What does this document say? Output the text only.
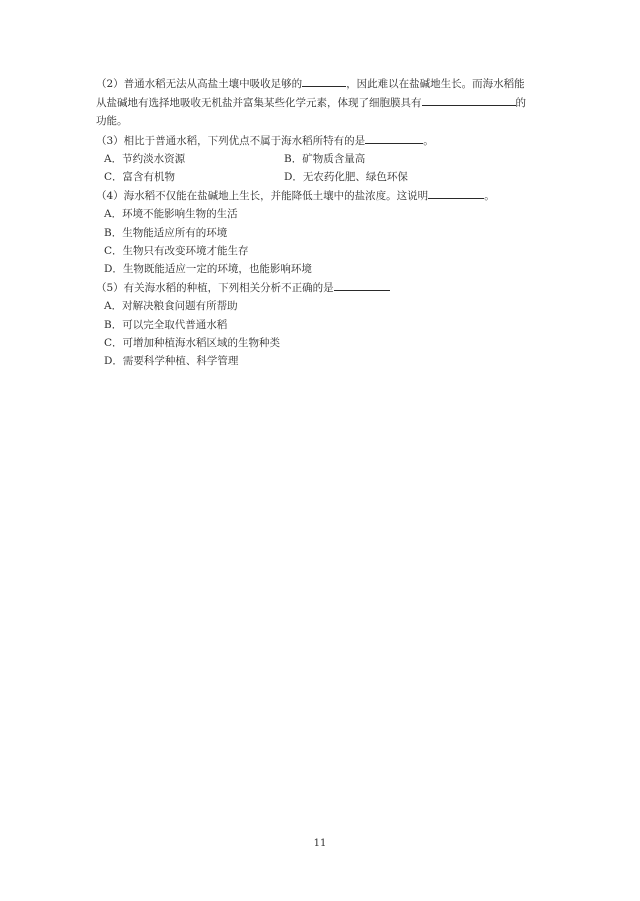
（2）普通水稻无法从高盐土壤中吸收足够的	，因此难以在盐碱地生长。而海水稻能
从盐碱地有选择地吸收无机盐并富集某些化学元素，体现了细胞膜具有	的
功能。
（3）相比于普通水稻，下列优点不属于海水稻所特有的是	。
A．节约淡水资源	B．矿物质含量高
C．富含有机物	D．无农药化肥、绿色环保
（4）海水稻不仅能在盐碱地上生长，并能降低土壤中的盐浓度。这说明	。
A．环境不能影响生物的生活
B．生物能适应所有的环境
C．生物只有改变环境才能生存
D．生物既能适应一定的环境，也能影响环境
（5）有关海水稻的种植，下列相关分析不正确的是
A．对解决粮食问题有所帮助
B．可以完全取代普通水稻
C．可增加种植海水稻区域的生物种类
D．需要科学种植、科学管理
11
